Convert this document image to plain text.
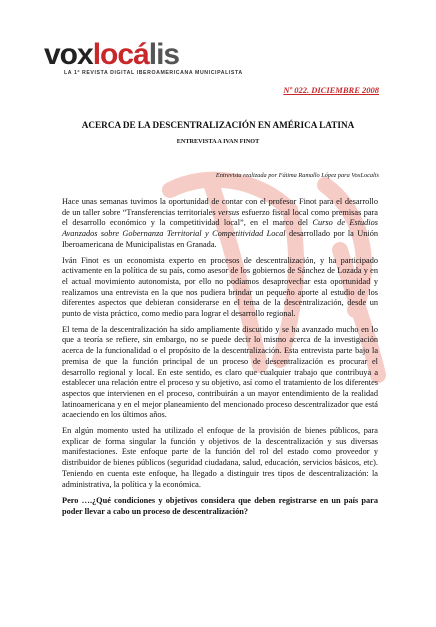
voxlocális
LA 1ª REVISTA DIGITAL IBEROAMERICANA MUNICIPALISTA
Nº 022. DICIEMBRE 2008
ACERCA DE LA DESCENTRALIZACIÓN EN AMÉRICA LATINA
ENTREVISTA A IVAN FINOT
Entrevista realizada por Fátima Ramallo López para VoxLocalis

Hace unas semanas tuvimos la oportunidad de contar con el profesor Finot para el desarrollo de un taller sobre “Transferencias territoriales versus esfuerzo fiscal local como premisas para el desarrollo económico y la competitividad local”, en el marco del Curso de Estudios Avanzados sobre Gobernanza Territorial y Competitividad Local desarrollado por la Unión Iberoamericana de Municipalistas en Granada.

Iván Finot es un economista experto en procesos de descentralización, y ha participado activamente en la política de su país, como asesor de los gobiernos de Sánchez de Lozada y en el actual movimiento autonomista, por ello no podíamos desaprovechar esta oportunidad y realizamos una entrevista en la que nos pudiera brindar un pequeño aporte al estudio de los diferentes aspectos que debieran considerarse en el tema de la descentralización, desde un punto de vista práctico, como medio para lograr el desarrollo regional.

El tema de la descentralización ha sido ampliamente discutido y se ha avanzado mucho en lo que a teoría se refiere, sin embargo, no se puede decir lo mismo acerca de la investigación acerca de la funcionalidad o el propósito de la descentralización. Esta entrevista parte bajo la premisa de que la función principal de un proceso de descentralización es procurar el desarrollo regional y local. En este sentido, es claro que cualquier trabajo que contribuya a establecer una relación entre el proceso y su objetivo, así como el tratamiento de los diferentes aspectos que intervienen en el proceso, contribuirán a un mayor entendimiento de la realidad latinoamericana y en el mejor planeamiento del mencionado proceso descentralizador que está acaeciendo en los últimos años.

En algún momento usted ha utilizado el enfoque de la provisión de bienes públicos, para explicar de forma singular la función y objetivos de la descentralización y sus diversas manifestaciones. Este enfoque parte de la función del rol del estado como proveedor y distribuidor de bienes públicos (seguridad ciudadana, salud, educación, servicios básicos, etc). Teniendo en cuenta este enfoque, ha llegado a distinguir tres tipos de descentralización: la administrativa, la política y la económica.

Pero ….¿Qué condiciones y objetivos considera que deben registrarse en un país para poder llevar a cabo un proceso de descentralización?
